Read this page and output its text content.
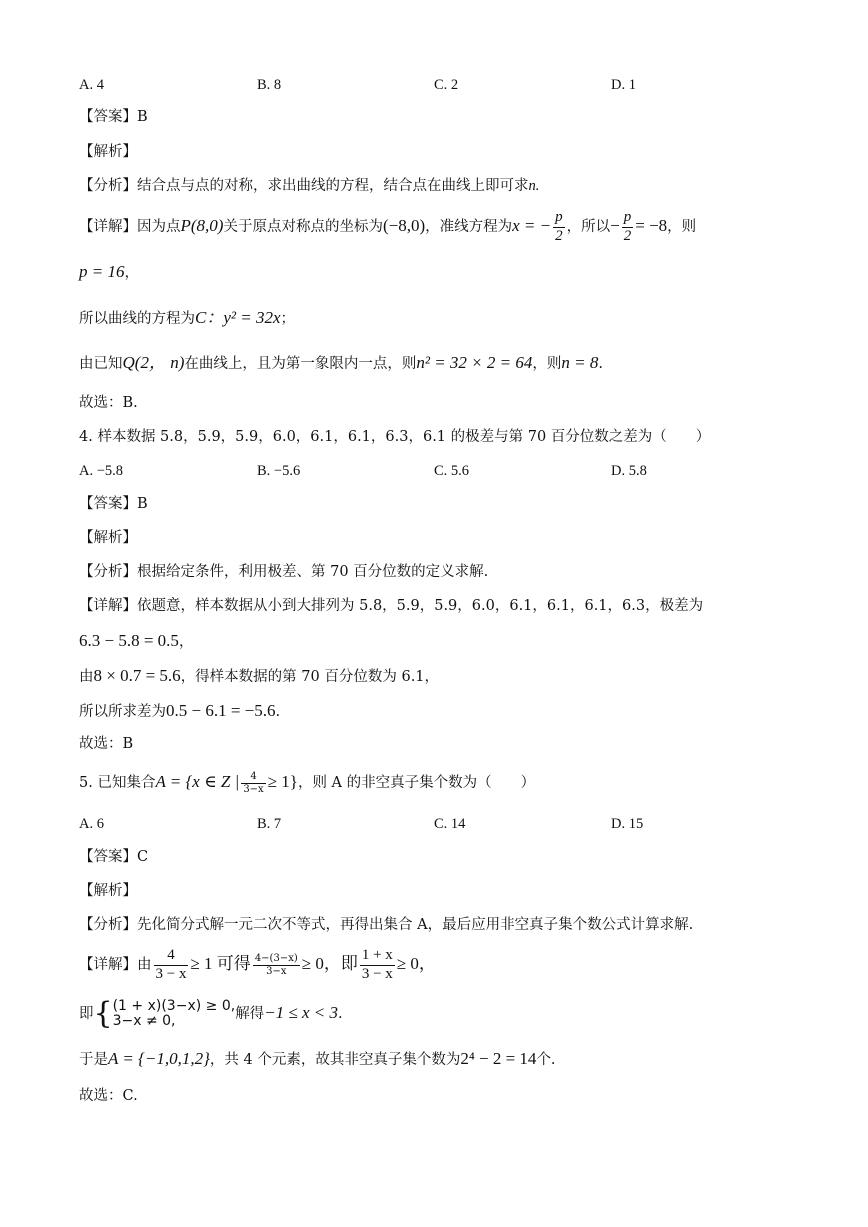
A. 4	B. 8	C. 2	D. 1
【答案】B
【解析】
【分析】结合点与点的对称，求出曲线的方程，结合点在曲线上即可求n.
【详解】因为点P(8,0)关于原点对称点的坐标为(−8,0)，准线方程为x = − $\frac{p}{2}$ ，所以− $\frac{p}{2} = -8$，则
p = 16，
所以曲线的方程为C：y² = 32x；
由已知Q(2， n)在曲线上，且为第一象限内一点，则n² = 32 × 2 = 64，则n = 8.
故选：B.
4. 样本数据 5.8，5.9，5.9，6.0，6.1，6.1，6.3，6.1 的极差与第 70 百分位数之差为（　　）
A. −5.8	B. −5.6	C. 5.6	D. 5.8
【答案】B
【解析】
【分析】根据给定条件，利用极差、第 70 百分位数的定义求解.
【详解】依题意，样本数据从小到大排列为 5.8，5.9，5.9，6.0，6.1，6.1，6.1，6.3，极差为
6.3 − 5.8 = 0.5，
由8 × 0.7 = 5.6，得样本数据的第 70 百分位数为 6.1，
所以所求差为0.5 − 6.1 = −5.6.
故选：B
5. 已知集合A = {x ∈ Z | $\frac{4}{3-x} \ge 1$}，则 A 的非空真子集个数为（　　）
A. 6	B. 7	C. 14	D. 15
【答案】C
【解析】
【分析】先化简分式解一元二次不等式，再得出集合 A，最后应用非空真子集个数公式计算求解.
【详解】由 $\frac{4}{3 - x} \ge 1$ 可得 $\frac{4-(3-x)}{3-x} \ge 0$，即 $\frac{1 + x}{3 - x} \ge 0$，
即{ (1 + x)(3−x) ≥ 0,
3−x ≠ 0,	解得−1 ≤ x < 3.
于是A = {−1,0,1,2}，共 4 个元素，故其非空真子集个数为2⁴ − 2 = 14个.
故选：C.
